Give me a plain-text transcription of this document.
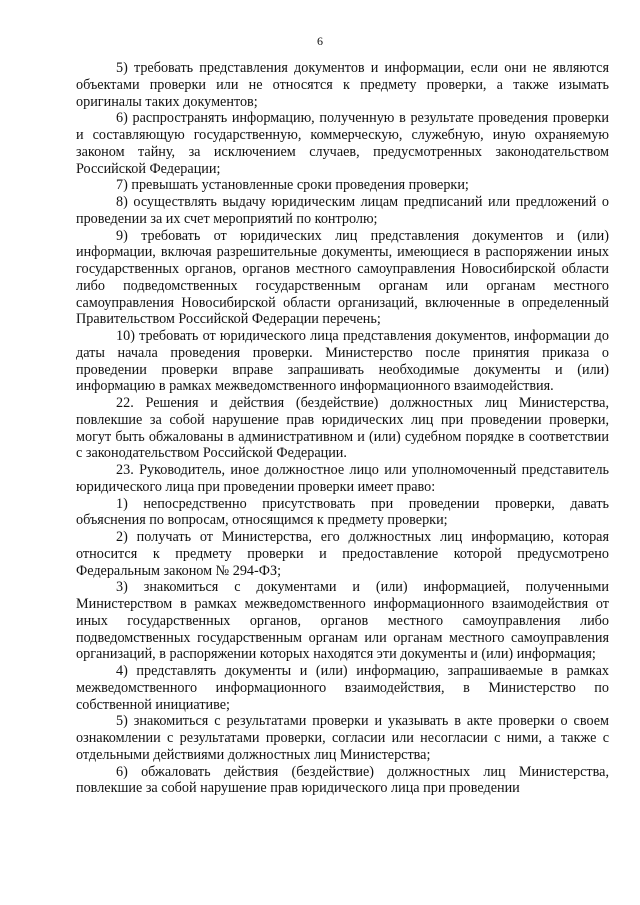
6

5) требовать представления документов и информации, если они не являются объектами проверки или не относятся к предмету проверки, а также изымать оригиналы таких документов;

6) распространять информацию, полученную в результате проведения проверки и составляющую государственную, коммерческую, служебную, иную охраняемую законом тайну, за исключением случаев, предусмотренных законодательством Российской Федерации;

7) превышать установленные сроки проведения проверки;

8) осуществлять выдачу юридическим лицам предписаний или предложений о проведении за их счет мероприятий по контролю;

9) требовать от юридических лиц представления документов и (или) информации, включая разрешительные документы, имеющиеся в распоряжении иных государственных органов, органов местного самоуправления Новосибирской области либо подведомственных государственным органам или органам местного самоуправления Новосибирской области организаций, включенные в определенный Правительством Российской Федерации перечень;

10) требовать от юридического лица представления документов, информации до даты начала проведения проверки. Министерство после принятия приказа о проведении проверки вправе запрашивать необходимые документы и (или) информацию в рамках межведомственного информационного взаимодействия.

22. Решения и действия (бездействие) должностных лиц Министерства, повлекшие за собой нарушение прав юридических лиц при проведении проверки, могут быть обжалованы в административном и (или) судебном порядке в соответствии с законодательством Российской Федерации.

23. Руководитель, иное должностное лицо или уполномоченный представитель юридического лица при проведении проверки имеет право:

1) непосредственно присутствовать при проведении проверки, давать объяснения по вопросам, относящимся к предмету проверки;

2) получать от Министерства, его должностных лиц информацию, которая относится к предмету проверки и предоставление которой предусмотрено Федеральным законом № 294-ФЗ;

3) знакомиться с документами и (или) информацией, полученными Министерством в рамках межведомственного информационного взаимодействия от иных государственных органов, органов местного самоуправления либо подведомственных государственным органам или органам местного самоуправления организаций, в распоряжении которых находятся эти документы и (или) информация;

4) представлять документы и (или) информацию, запрашиваемые в рамках межведомственного информационного взаимодействия, в Министерство по собственной инициативе;

5) знакомиться с результатами проверки и указывать в акте проверки о своем ознакомлении с результатами проверки, согласии или несогласии с ними, а также с отдельными действиями должностных лиц Министерства;

6) обжаловать действия (бездействие) должностных лиц Министерства, повлекшие за собой нарушение прав юридического лица при проведении
